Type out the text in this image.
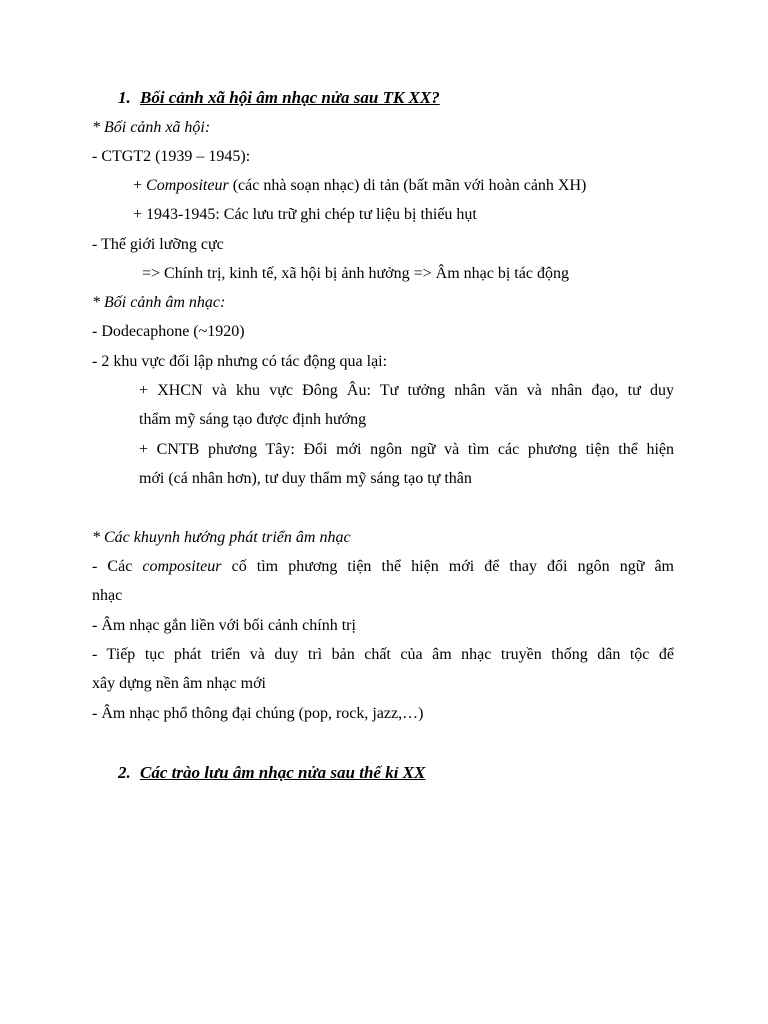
1. Bối cảnh xã hội âm nhạc nửa sau TK XX?
* Bối cảnh xã hội:
- CTGT2 (1939 – 1945):
+ Compositeur (các nhà soạn nhạc) di tản (bất mãn với hoàn cảnh XH)
+ 1943-1945: Các lưu trữ ghi chép tư liệu bị thiếu hụt
- Thế giới lưỡng cực
=> Chính trị, kinh tế, xã hội bị ảnh hưởng => Âm nhạc bị tác động
* Bối cảnh âm nhạc:
- Dodecaphone (~1920)
- 2 khu vực đối lập nhưng có tác động qua lại:
+ XHCN và khu vực Đông Âu: Tư tưởng nhân văn và nhân đạo, tư duy
thẩm mỹ sáng tạo được định hướng
+ CNTB phương Tây: Đổi mới ngôn ngữ và tìm các phương tiện thể hiện
mới (cá nhân hơn), tư duy thẩm mỹ sáng tạo tự thân
* Các khuynh hướng phát triển âm nhạc
- Các compositeur cố tìm phương tiện thể hiện mới để thay đổi ngôn ngữ âm
nhạc
- Âm nhạc gắn liền với bối cảnh chính trị
- Tiếp tục phát triển và duy trì bản chất của âm nhạc truyền thống dân tộc để
xây dựng nền âm nhạc mới
- Âm nhạc phổ thông đại chúng (pop, rock, jazz,…)
2. Các trào lưu âm nhạc nửa sau thế kỉ XX
